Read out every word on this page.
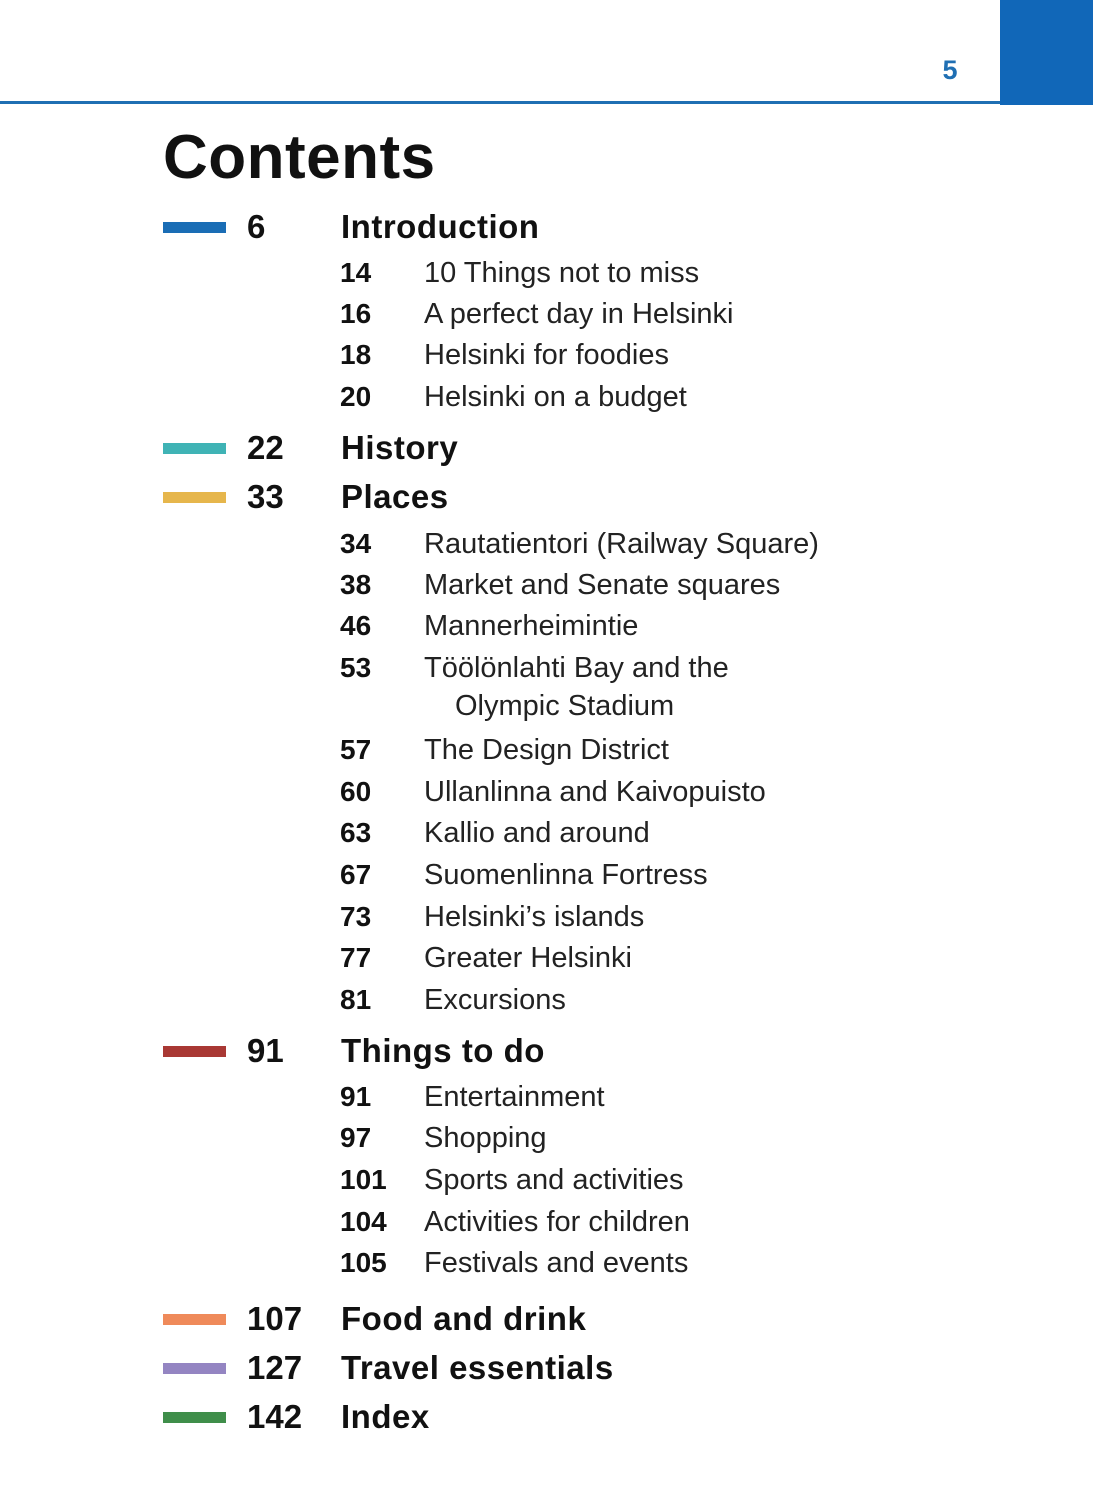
5
Contents
6 Introduction
14 10 Things not to miss
16 A perfect day in Helsinki
18 Helsinki for foodies
20 Helsinki on a budget
22 History
33 Places
34 Rautatientori (Railway Square)
38 Market and Senate squares
46 Mannerheimintie
53 Töölönlahti Bay and the
Olympic Stadium
57 The Design District
60 Ullanlinna and Kaivopuisto
63 Kallio and around
67 Suomenlinna Fortress
73 Helsinki’s islands
77 Greater Helsinki
81 Excursions
91 Things to do
91 Entertainment
97 Shopping
101 Sports and activities
104 Activities for children
105 Festivals and events
107 Food and drink
127 Travel essentials
142 Index
